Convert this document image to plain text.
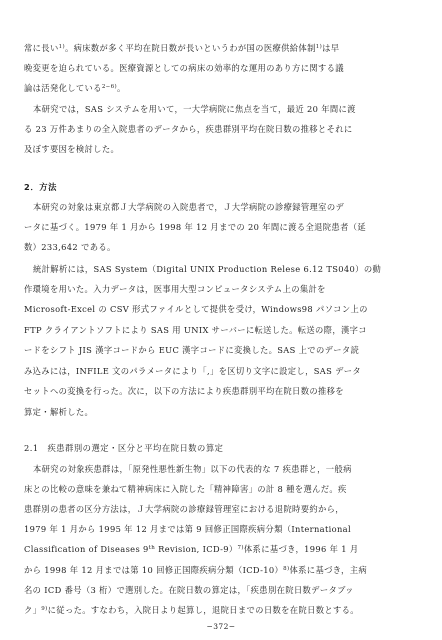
常に長い$^{1)}$。病床数が多く平均在院日数が長いというわが国の医療供給体制$^{1)}$は早
晩変更を迫られている。医療資源としての病床の効率的な運用のあり方に関する議
論は活発化している$^{2-6)}$。
本研究では，SAS システムを用いて，一大学病院に焦点を当て，最近 20 年間に渡
る 23 万件あまりの全入院患者のデータから，疾患群別平均在院日数の推移とそれに
及ぼす要因を検討した。
2．方法
本研究の対象は東京都Ｊ大学病院の入院患者で，Ｊ大学病院の診療録管理室のデ
ータに基づく。1979 年 1 月から 1998 年 12 月までの 20 年間に渡る全退院患者（延
数）233,642 である。
統計解析には，SAS System（Digital UNIX Production Relese 6.12 TS040）の動
作環境を用いた。入力データは，医事用大型コンピュータシステム上の集計を
Microsoft-Excel の CSV 形式ファイルとして提供を受け，Windows98 パソコン上の
FTP クライアントソフトにより SAS 用 UNIX サーバーに転送した。転送の際，漢字コ
ードをシフト JIS 漢字コードから EUC 漢字コードに変換した。SAS 上でのデータ読
み込みには，INFILE 文のパラメータにより「,」を区切り文字に設定し，SAS データ
セットへの変換を行った。次に，以下の方法により疾患群別平均在院日数の推移を
算定・解析した。
2.1　疾患群別の選定・区分と平均在院日数の算定
本研究の対象疾患群は，「原発性悪性新生物」以下の代表的な 7 疾患群と，一般病
床との比較の意味を兼ねて精神病床に入院した「精神障害」の計 8 種を選んだ。疾
患群別の患者の区分方法は，Ｊ大学病院の診療録管理室における退院時要約から，
1979 年 1 月から 1995 年 12 月までは第 9 回修正国際疾病分類（International
Classification of Diseases 9th Revision, ICD-9）$^{7)}$体系に基づき，1996 年 1 月
から 1998 年 12 月までは第 10 回修正国際疾病分類$(ICD-10)^{8)}$体系に基づき，主病
名の ICD 番号（3 桁）で選別した。在院日数の算定は，「疾患別在院日数データブッ
ク」$^{9)}$に従った。すなわち，入院日より起算し，退院日までの日数を在院日数とする。
−372−
